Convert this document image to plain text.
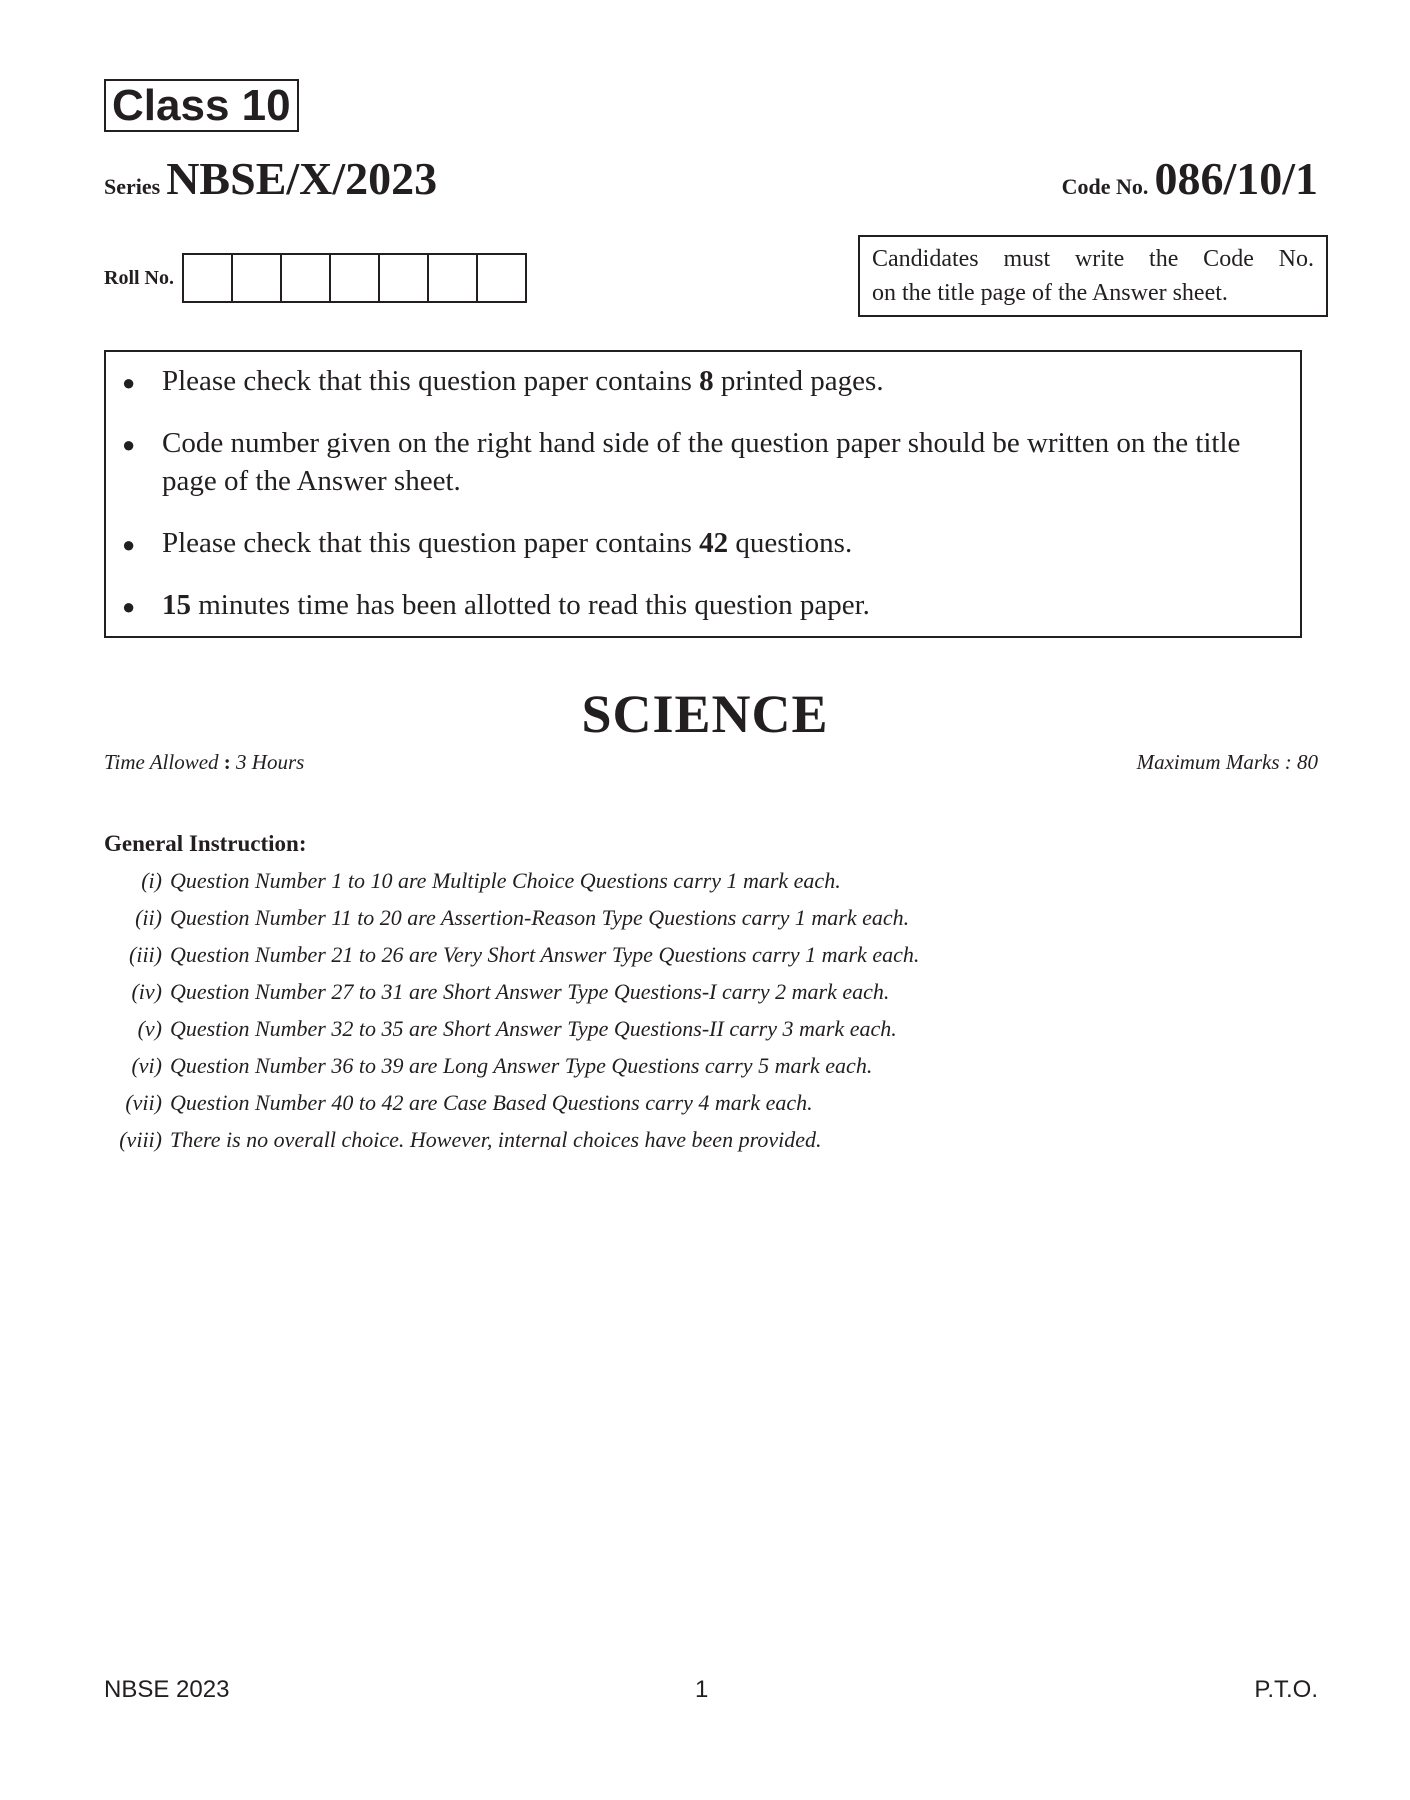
Class 10
Series NBSE/X/2023	Code No. 086/10/1
Roll No.
Candidates must write the Code No.
on the title page of the Answer sheet.
● Please check that this question paper contains 8 printed pages.
● Code number given on the right hand side of the question paper should be written on the title page of the Answer sheet.
● Please check that this question paper contains 42 questions.
● 15 minutes time has been allotted to read this question paper.
SCIENCE
Time Allowed : 3 Hours	Maximum Marks : 80
General Instruction:
(i) Question Number 1 to 10 are Multiple Choice Questions carry 1 mark each.
(ii) Question Number 11 to 20 are Assertion-Reason Type Questions carry 1 mark each.
(iii) Question Number 21 to 26 are Very Short Answer Type Questions carry 1 mark each.
(iv) Question Number 27 to 31 are Short Answer Type Questions-I carry 2 mark each.
(v) Question Number 32 to 35 are Short Answer Type Questions-II carry 3 mark each.
(vi) Question Number 36 to 39 are Long Answer Type Questions carry 5 mark each.
(vii) Question Number 40 to 42 are Case Based Questions carry 4 mark each.
(viii) There is no overall choice. However, internal choices have been provided.
NBSE 2023	1	P.T.O.
